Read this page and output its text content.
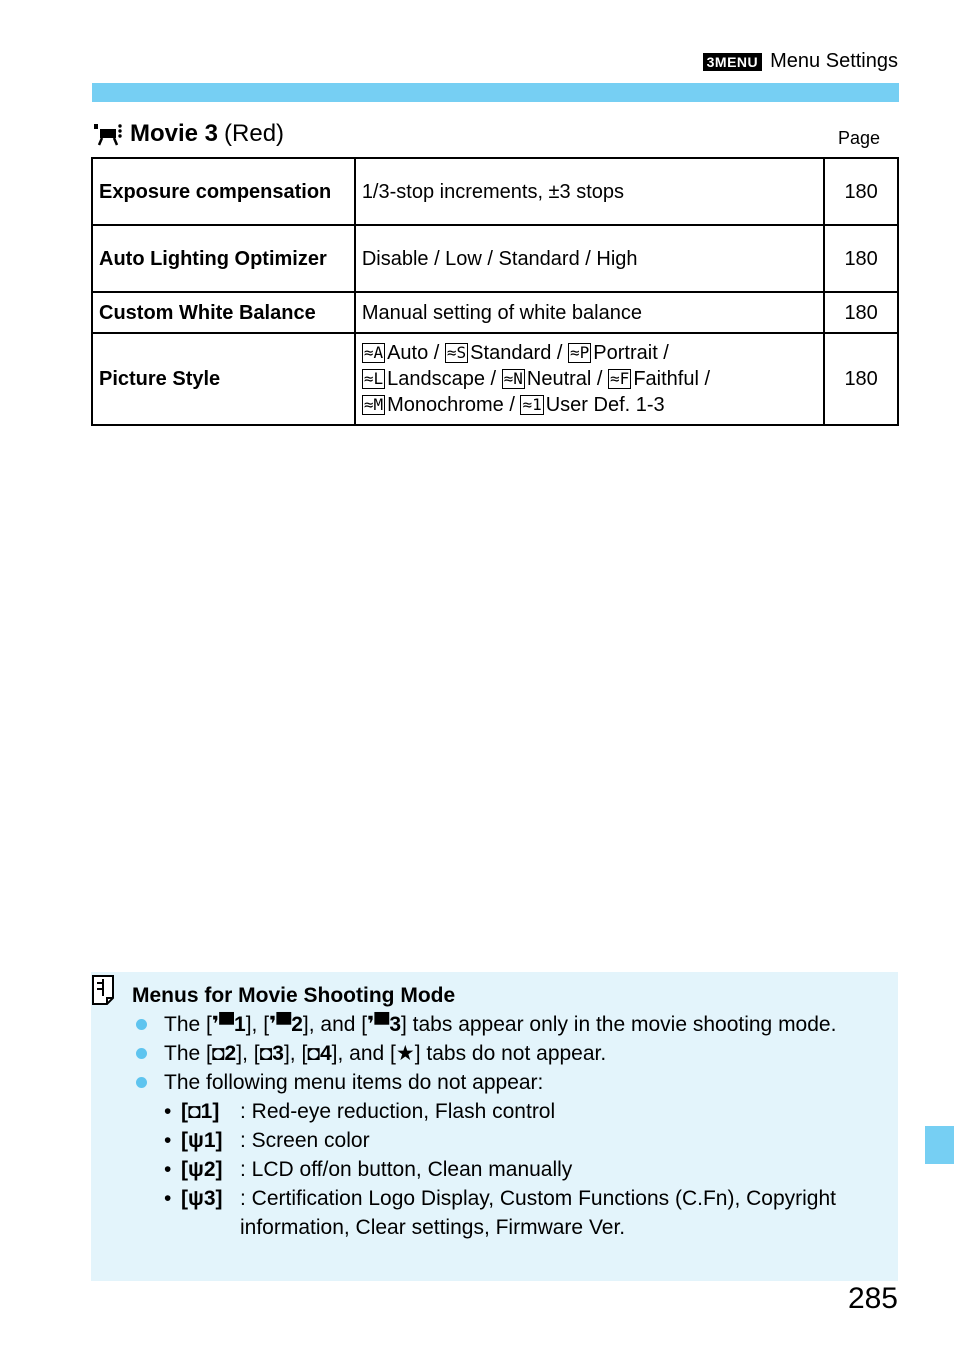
3MENU Menu Settings
Movie 3 (Red)	Page
Exposure compensation	1/3-stop increments, ±3 stops	180
Auto Lighting Optimizer	Disable / Low / Standard / High	180
Custom White Balance	Manual setting of white balance	180
Picture Style	≈A Auto / ≈S Standard / ≈P Portrait /
≈L Landscape / ≈N Neutral / ≈F Faithful /
≈M Monochrome / ≈1 User Def. 1-3	180
Menus for Movie Shooting Mode
The [❜▀1], [❜▀2], and [❜▀3] tabs appear only in the movie shooting mode.
The [◘2], [◘3], [◘4], and [★] tabs do not appear.
The following menu items do not appear:
• [◘1] : Red-eye reduction, Flash control
• [ψ1] : Screen color
• [ψ2] : LCD off/on button, Clean manually
• [ψ3] : Certification Logo Display, Custom Functions (C.Fn), Copyright information, Clear settings, Firmware Ver.
285
